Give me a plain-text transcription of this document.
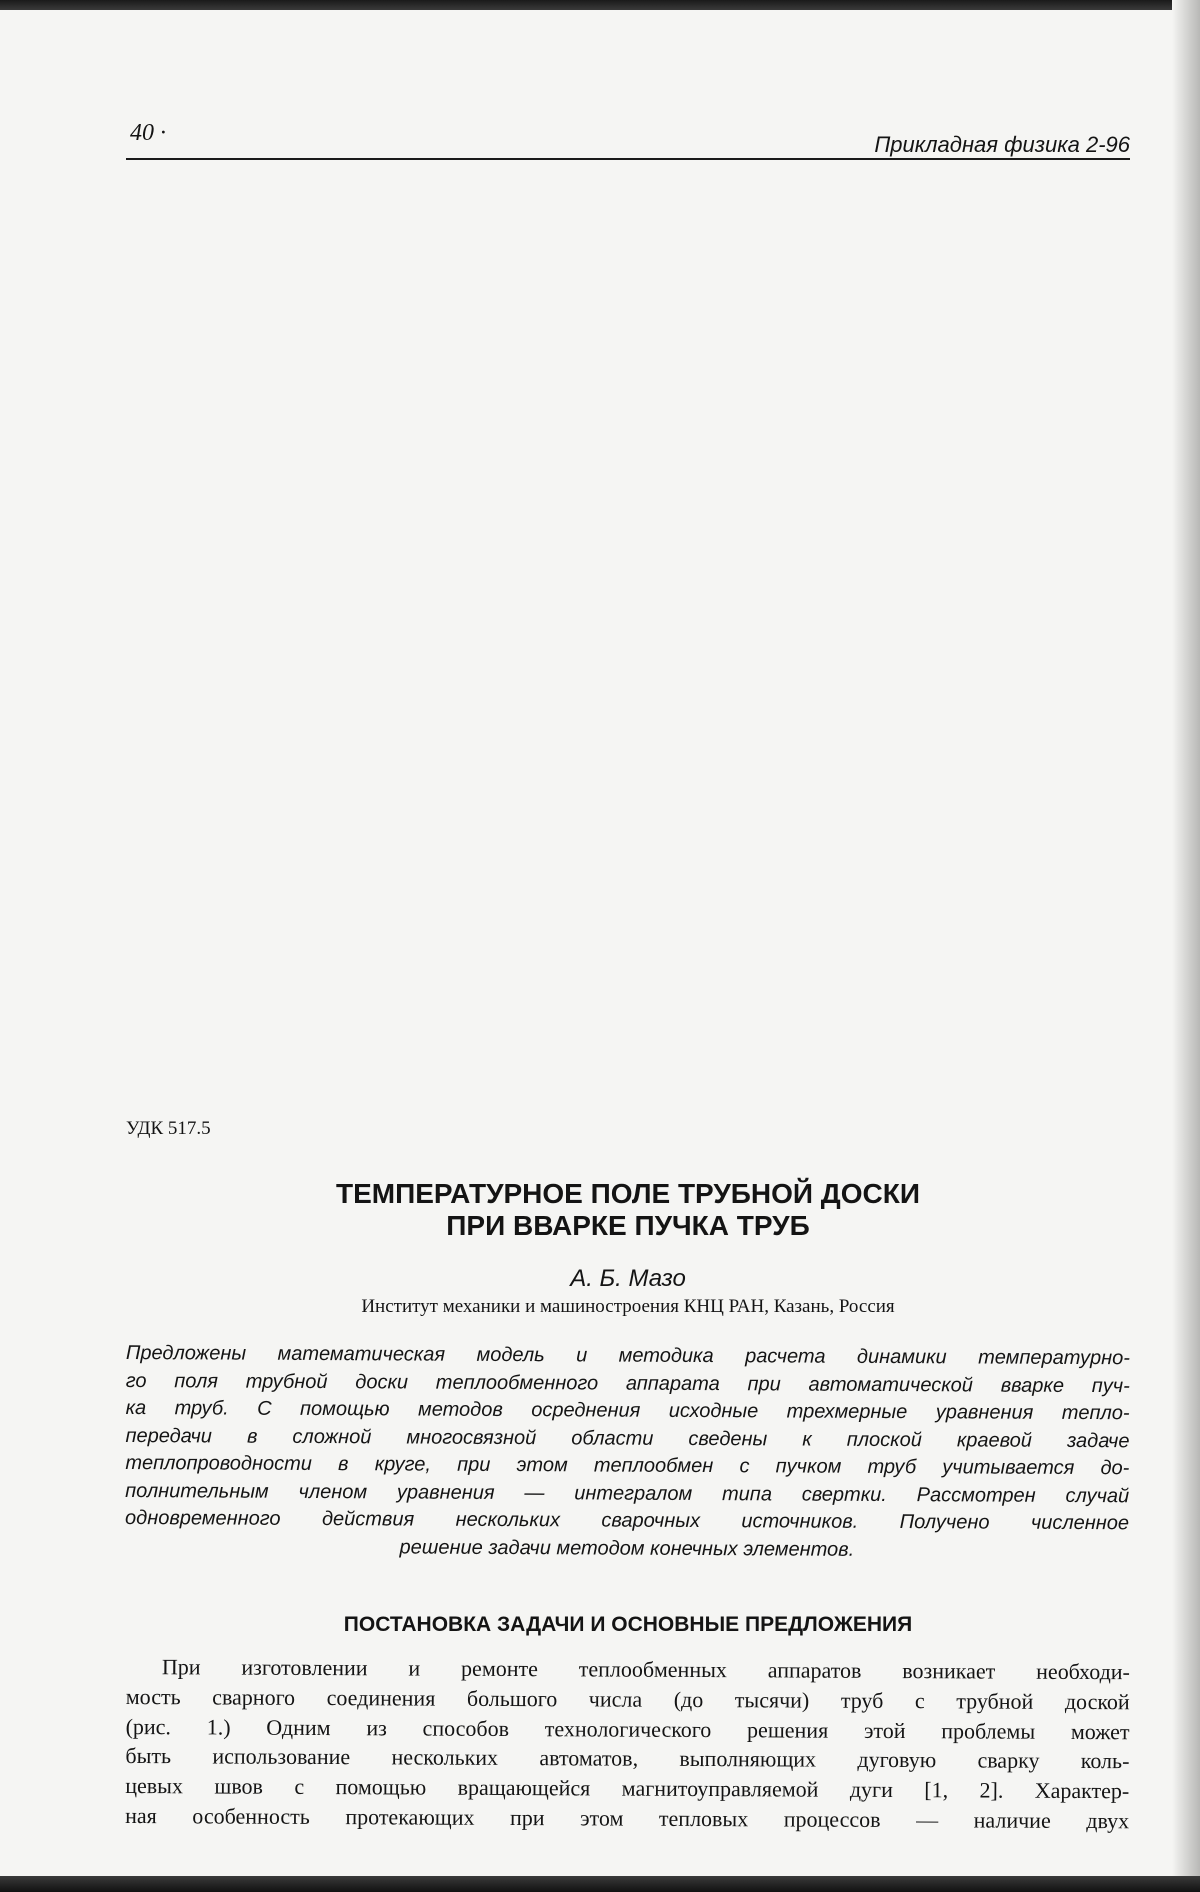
40 ·	Прикладная физика 2-96
УДК 517.5
ТЕМПЕРАТУРНОЕ ПОЛЕ ТРУБНОЙ ДОСКИ
ПРИ ВВАРКЕ ПУЧКА ТРУБ
А. Б. Мазо
Институт механики и машиностроения КНЦ РАН, Казань, Россия
Предложены математическая модель и методика расчета динамики температурно-
го поля трубной доски теплообменного аппарата при автоматической вварке пуч-
ка труб. С помощью методов осреднения исходные трехмерные уравнения тепло-
передачи в сложной многосвязной области сведены к плоской краевой задаче
теплопроводности в круге, при этом теплообмен с пучком труб учитывается до-
полнительным членом уравнения — интегралом типа свертки. Рассмотрен случай
одновременного действия нескольких сварочных источников. Получено численное
решение задачи методом конечных элементов.
ПОСТАНОВКА ЗАДАЧИ И ОСНОВНЫЕ ПРЕДЛОЖЕНИЯ
При изготовлении и ремонте теплообменных аппаратов возникает необходи-
мость сварного соединения большого числа (до тысячи) труб с трубной доской
(рис. 1.) Одним из способов технологического решения этой проблемы может
быть использование нескольких автоматов, выполняющих дуговую сварку коль-
цевых швов с помощью вращающейся магнитоуправляемой дуги [1, 2]. Характер-
ная особенность протекающих при этом тепловых процессов — наличие двух
